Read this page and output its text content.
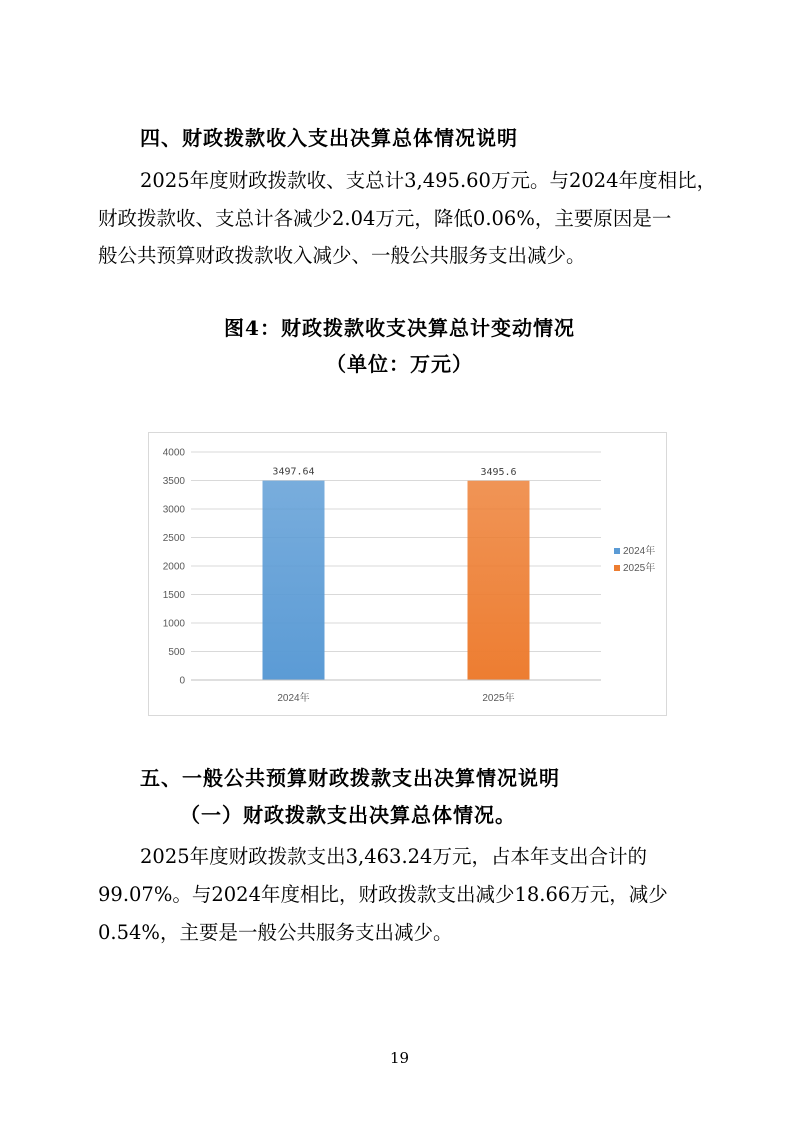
四、财政拨款收入支出决算总体情况说明
2025年度财政拨款收、支总计3,495.60万元。与2024年度相比，
财政拨款收、支总计各减少2.04万元，降低0.06%，主要原因是一
般公共预算财政拨款收入减少、一般公共服务支出减少。
图4：财政拨款收支决算总计变动情况
（单位：万元）
0
500
1000
1500
2000
2500
3000
3500
4000
2024年
3497.64
2025年
3495.6
2024年
2025年
五、一般公共预算财政拨款支出决算情况说明
（一）财政拨款支出决算总体情况。
2025年度财政拨款支出3,463.24万元，占本年支出合计的
99.07%。与2024年度相比，财政拨款支出减少18.66万元，减少
0.54%，主要是一般公共服务支出减少。
19
